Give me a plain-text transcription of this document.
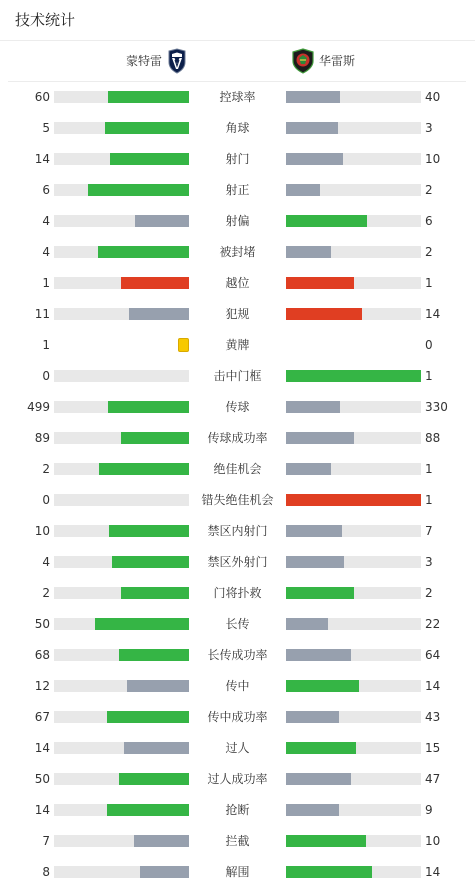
技术统计
蒙特雷	华雷斯
60	控球率	40
5	角球	3
14	射门	10
6	射正	2
4	射偏	6
4	被封堵	2
1	越位	1
11	犯规	14
1	黄牌	0
0	击中门框	1
499	传球	330
89	传球成功率	88
2	绝佳机会	1
0	错失绝佳机会	1
10	禁区内射门	7
4	禁区外射门	3
2	门将扑救	2
50	长传	22
68	长传成功率	64
12	传中	14
67	传中成功率	43
14	过人	15
50	过人成功率	47
14	抢断	9
7	拦截	10
8	解围	14
